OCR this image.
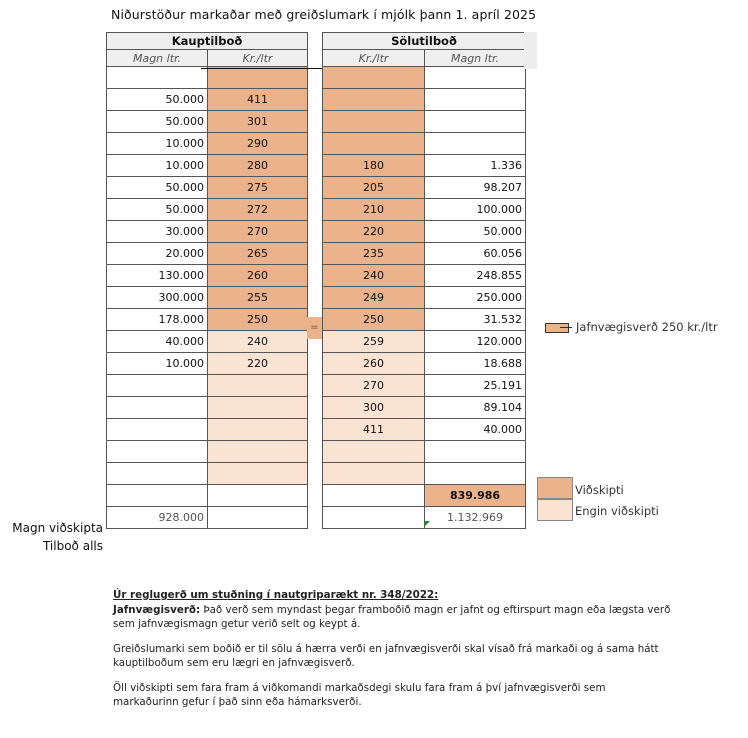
Niðurstöður markaðar með greiðslumark í mjólk þann 1. apríl 2025
Kauptilboð	
Magn ltr.	Kr./ltr

50.000	411
50.000	301
10.000	290
10.000	280
50.000	275
50.000	272
30.000	270
20.000	265
130.000	260
300.000	255
178.000	250
40.000	240
10.000	220

928.000	
Sölutilboð	
Kr./ltr	Magn ltr.

180	1.336
205	98.207
210	100.000
220	50.000
235	60.056
240	248.855
249	250.000
250	31.532
259	120.000
260	18.688
270	25.191
300	89.104
411	40.000

	839.986
	1.132.969
=
Magn viðskipta
Tilboð alls
Jafnvægisverð 250 kr./ltr
Viðskipti
Engin viðskipti
Úr reglugerð um stuðning í nautgriparækt nr. 348/2022:

Jafnvægisverð: Það verð sem myndast þegar framboðið magn er jafnt og eftirspurt magn eða lægsta verð sem jafnvægismagn getur verið selt og keypt á.

Greiðslumarki sem boðið er til sölu á hærra verði en jafnvægisverði skal vísað frá markaði og á sama hátt kauptilboðum sem eru lægri en jafnvægisverð.

Öll viðskipti sem fara fram á viðkomandi markaðsdegi skulu fara fram á því jafnvægisverði sem markaðurinn gefur í það sinn eða hámarksverði.
